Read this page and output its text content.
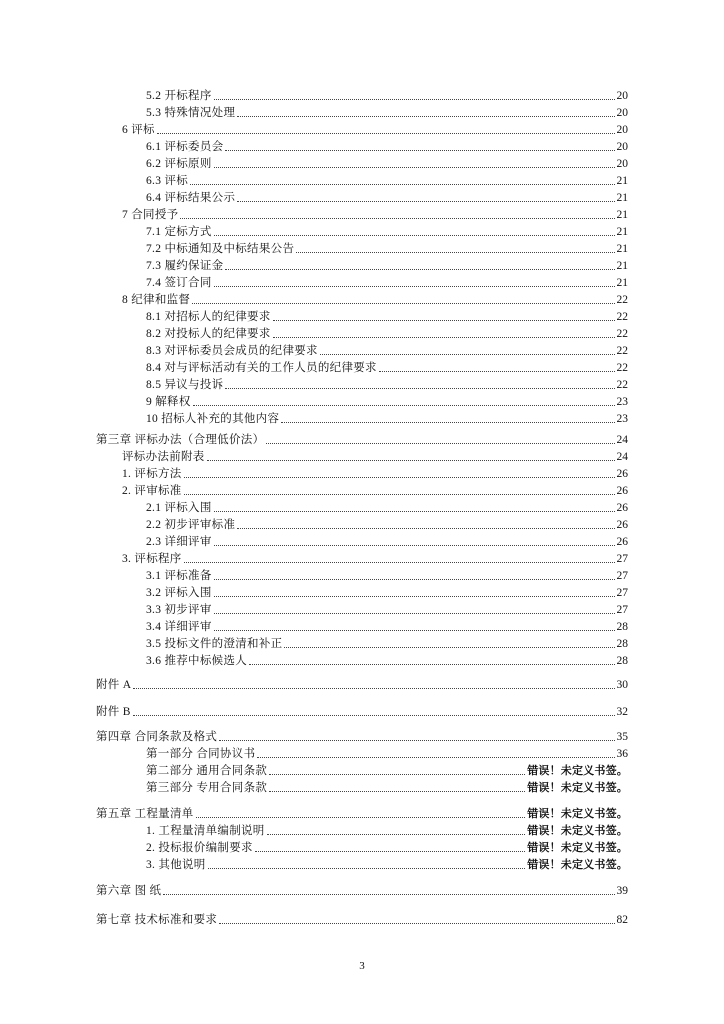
5.2 开标程序	20
5.3 特殊情况处理	20
6 评标	20
6.1 评标委员会	20
6.2 评标原则	20
6.3 评标	21
6.4 评标结果公示	21
7 合同授予	21
7.1 定标方式	21
7.2 中标通知及中标结果公告	21
7.3 履约保证金	21
7.4 签订合同	21
8 纪律和监督	22
8.1 对招标人的纪律要求	22
8.2 对投标人的纪律要求	22
8.3 对评标委员会成员的纪律要求	22
8.4 对与评标活动有关的工作人员的纪律要求	22
8.5 异议与投诉	22
9 解释权	23
10 招标人补充的其他内容	23
第三章 评标办法（合理低价法）	24
评标办法前附表	24
1. 评标方法	26
2. 评审标准	26
2.1 评标入围	26
2.2 初步评审标准	26
2.3 详细评审	26
3. 评标程序	27
3.1 评标准备	27
3.2 评标入围	27
3.3 初步评审	27
3.4 详细评审	28
3.5 投标文件的澄清和补正	28
3.6 推荐中标候选人	28
附件 A	30
附件 B	32
第四章 合同条款及格式	35
第一部分 合同协议书	36
第二部分 通用合同条款	错误！未定义书签。
第三部分 专用合同条款	错误！未定义书签。
第五章 工程量清单	错误！未定义书签。
1. 工程量清单编制说明	错误！未定义书签。
2. 投标报价编制要求	错误！未定义书签。
3. 其他说明	错误！未定义书签。
第六章 图 纸	39
第七章 技术标准和要求	82
3
